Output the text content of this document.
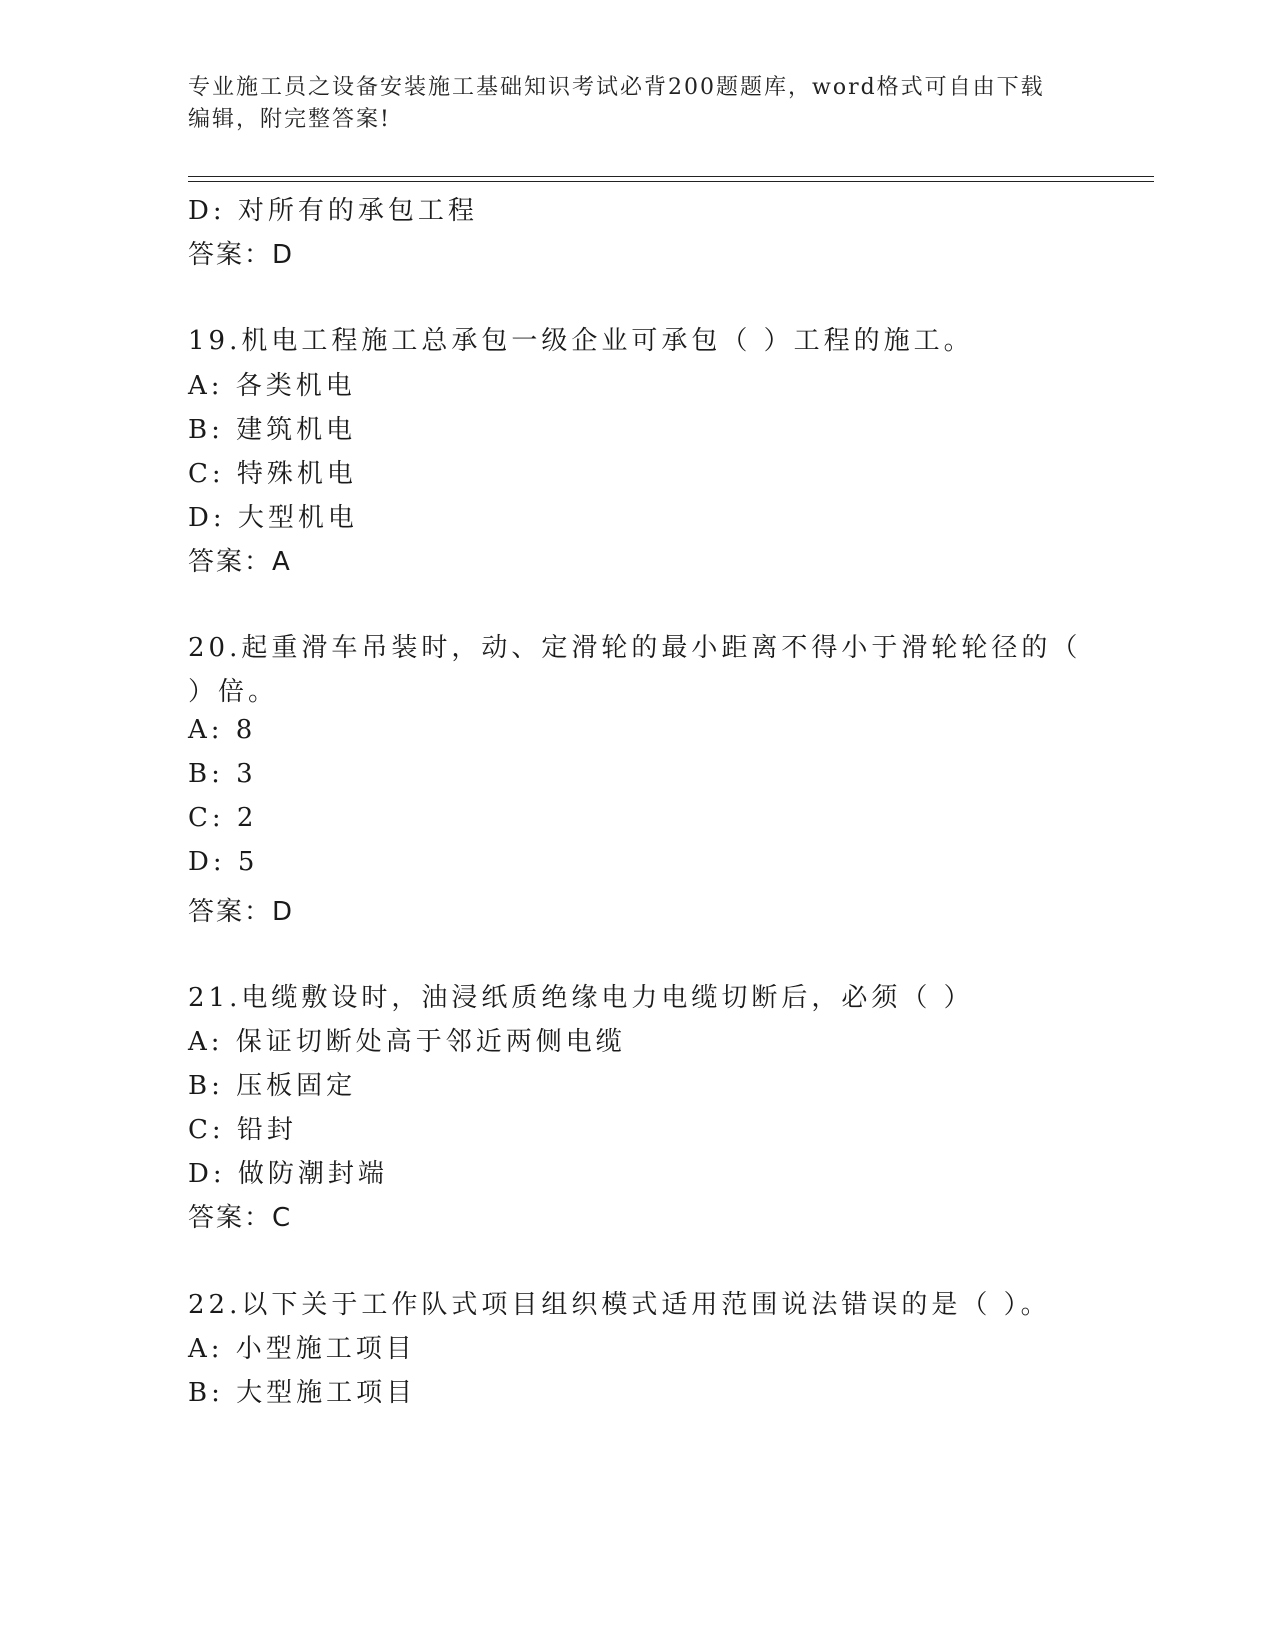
专业施工员之设备安装施工基础知识考试必背200题题库，word格式可自由下载
编辑，附完整答案!
D: 对所有的承包工程
答案：D
19.机电工程施工总承包一级企业可承包（ ）工程的施工。
A: 各类机电
B: 建筑机电
C: 特殊机电
D: 大型机电
答案：A
20.起重滑车吊装时，动、定滑轮的最小距离不得小于滑轮轮径的（
）倍。
A: 8
B: 3
C: 2
D: 5
答案：D
21.电缆敷设时，油浸纸质绝缘电力电缆切断后，必须（ ）
A: 保证切断处高于邻近两侧电缆
B: 压板固定
C: 铅封
D: 做防潮封端
答案：C
22.以下关于工作队式项目组织模式适用范围说法错误的是（ ）。
A: 小型施工项目
B: 大型施工项目
